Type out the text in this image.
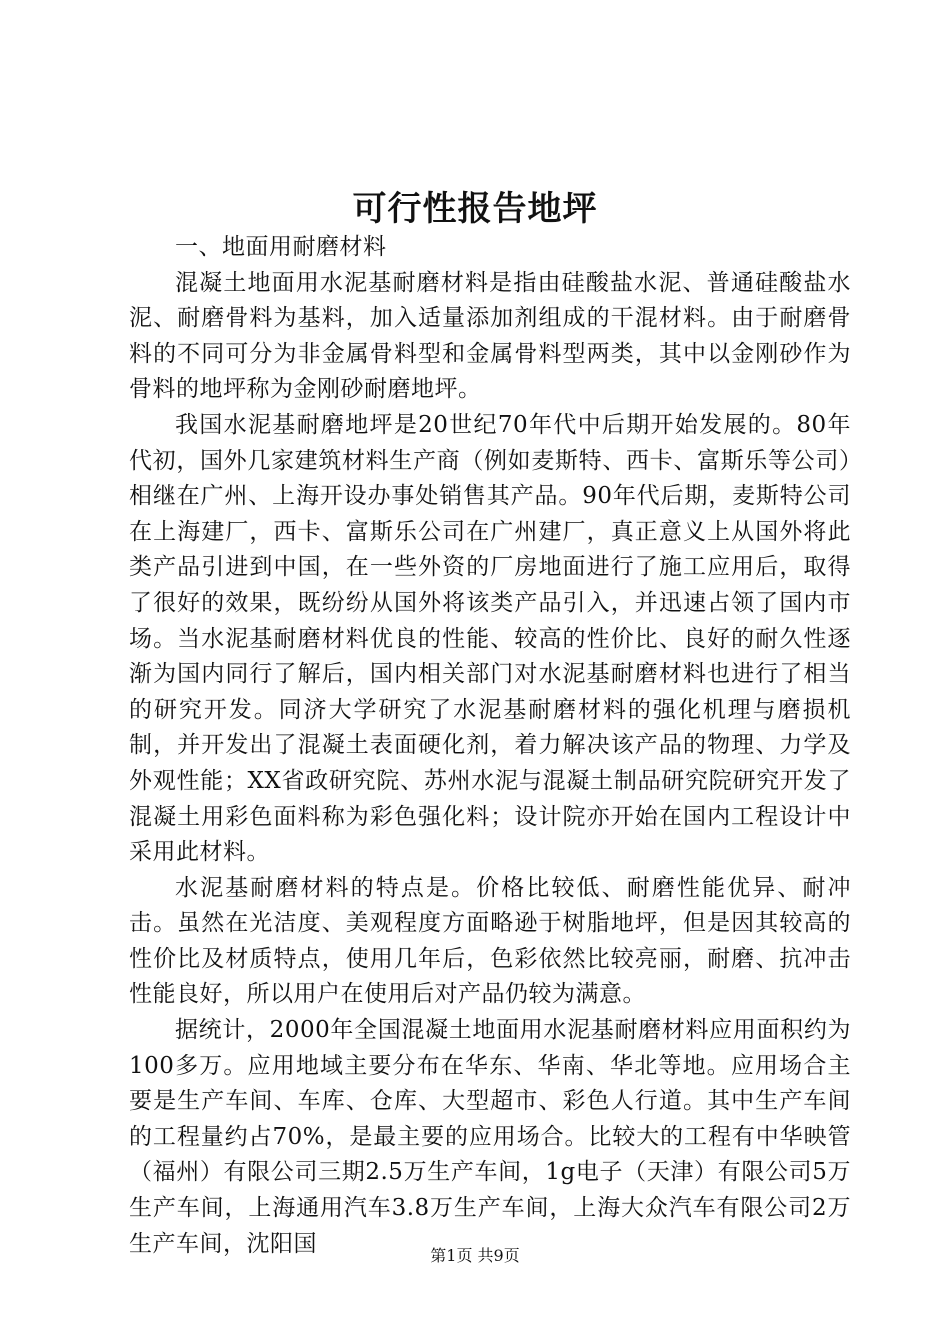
可行性报告地坪

一、地面用耐磨材料

混凝土地面用水泥基耐磨材料是指由硅酸盐水泥、普通硅酸盐水泥、耐磨骨料为基料，加入适量添加剂组成的干混材料。由于耐磨骨料的不同可分为非金属骨料型和金属骨料型两类，其中以金刚砂作为骨料的地坪称为金刚砂耐磨地坪。

我国水泥基耐磨地坪是20世纪70年代中后期开始发展的。80年代初，国外几家建筑材料生产商（例如麦斯特、西卡、富斯乐等公司）相继在广州、上海开设办事处销售其产品。90年代后期，麦斯特公司在上海建厂，西卡、富斯乐公司在广州建厂，真正意义上从国外将此类产品引进到中国，在一些外资的厂房地面进行了施工应用后，取得了很好的效果，既纷纷从国外将该类产品引入，并迅速占领了国内市场。当水泥基耐磨材料优良的性能、较高的性价比、良好的耐久性逐渐为国内同行了解后，国内相关部门对水泥基耐磨材料也进行了相当的研究开发。同济大学研究了水泥基耐磨材料的强化机理与磨损机制，并开发出了混凝土表面硬化剂，着力解决该产品的物理、力学及外观性能；XX省政研究院、苏州水泥与混凝土制品研究院研究开发了混凝土用彩色面料称为彩色强化料；设计院亦开始在国内工程设计中采用此材料。

水泥基耐磨材料的特点是。价格比较低、耐磨性能优异、耐冲击。虽然在光洁度、美观程度方面略逊于树脂地坪，但是因其较高的性价比及材质特点，使用几年后，色彩依然比较亮丽，耐磨、抗冲击性能良好，所以用户在使用后对产品仍较为满意。

据统计，2000年全国混凝土地面用水泥基耐磨材料应用面积约为100多万。应用地域主要分布在华东、华南、华北等地。应用场合主要是生产车间、车库、仓库、大型超市、彩色人行道。其中生产车间的工程量约占70%，是最主要的应用场合。比较大的工程有中华映管（福州）有限公司三期2.5万生产车间，1g电子（天津）有限公司5万生产车间，上海通用汽车3.8万生产车间，上海大众汽车有限公司2万生产车间，沈阳国	第1页 共9页
